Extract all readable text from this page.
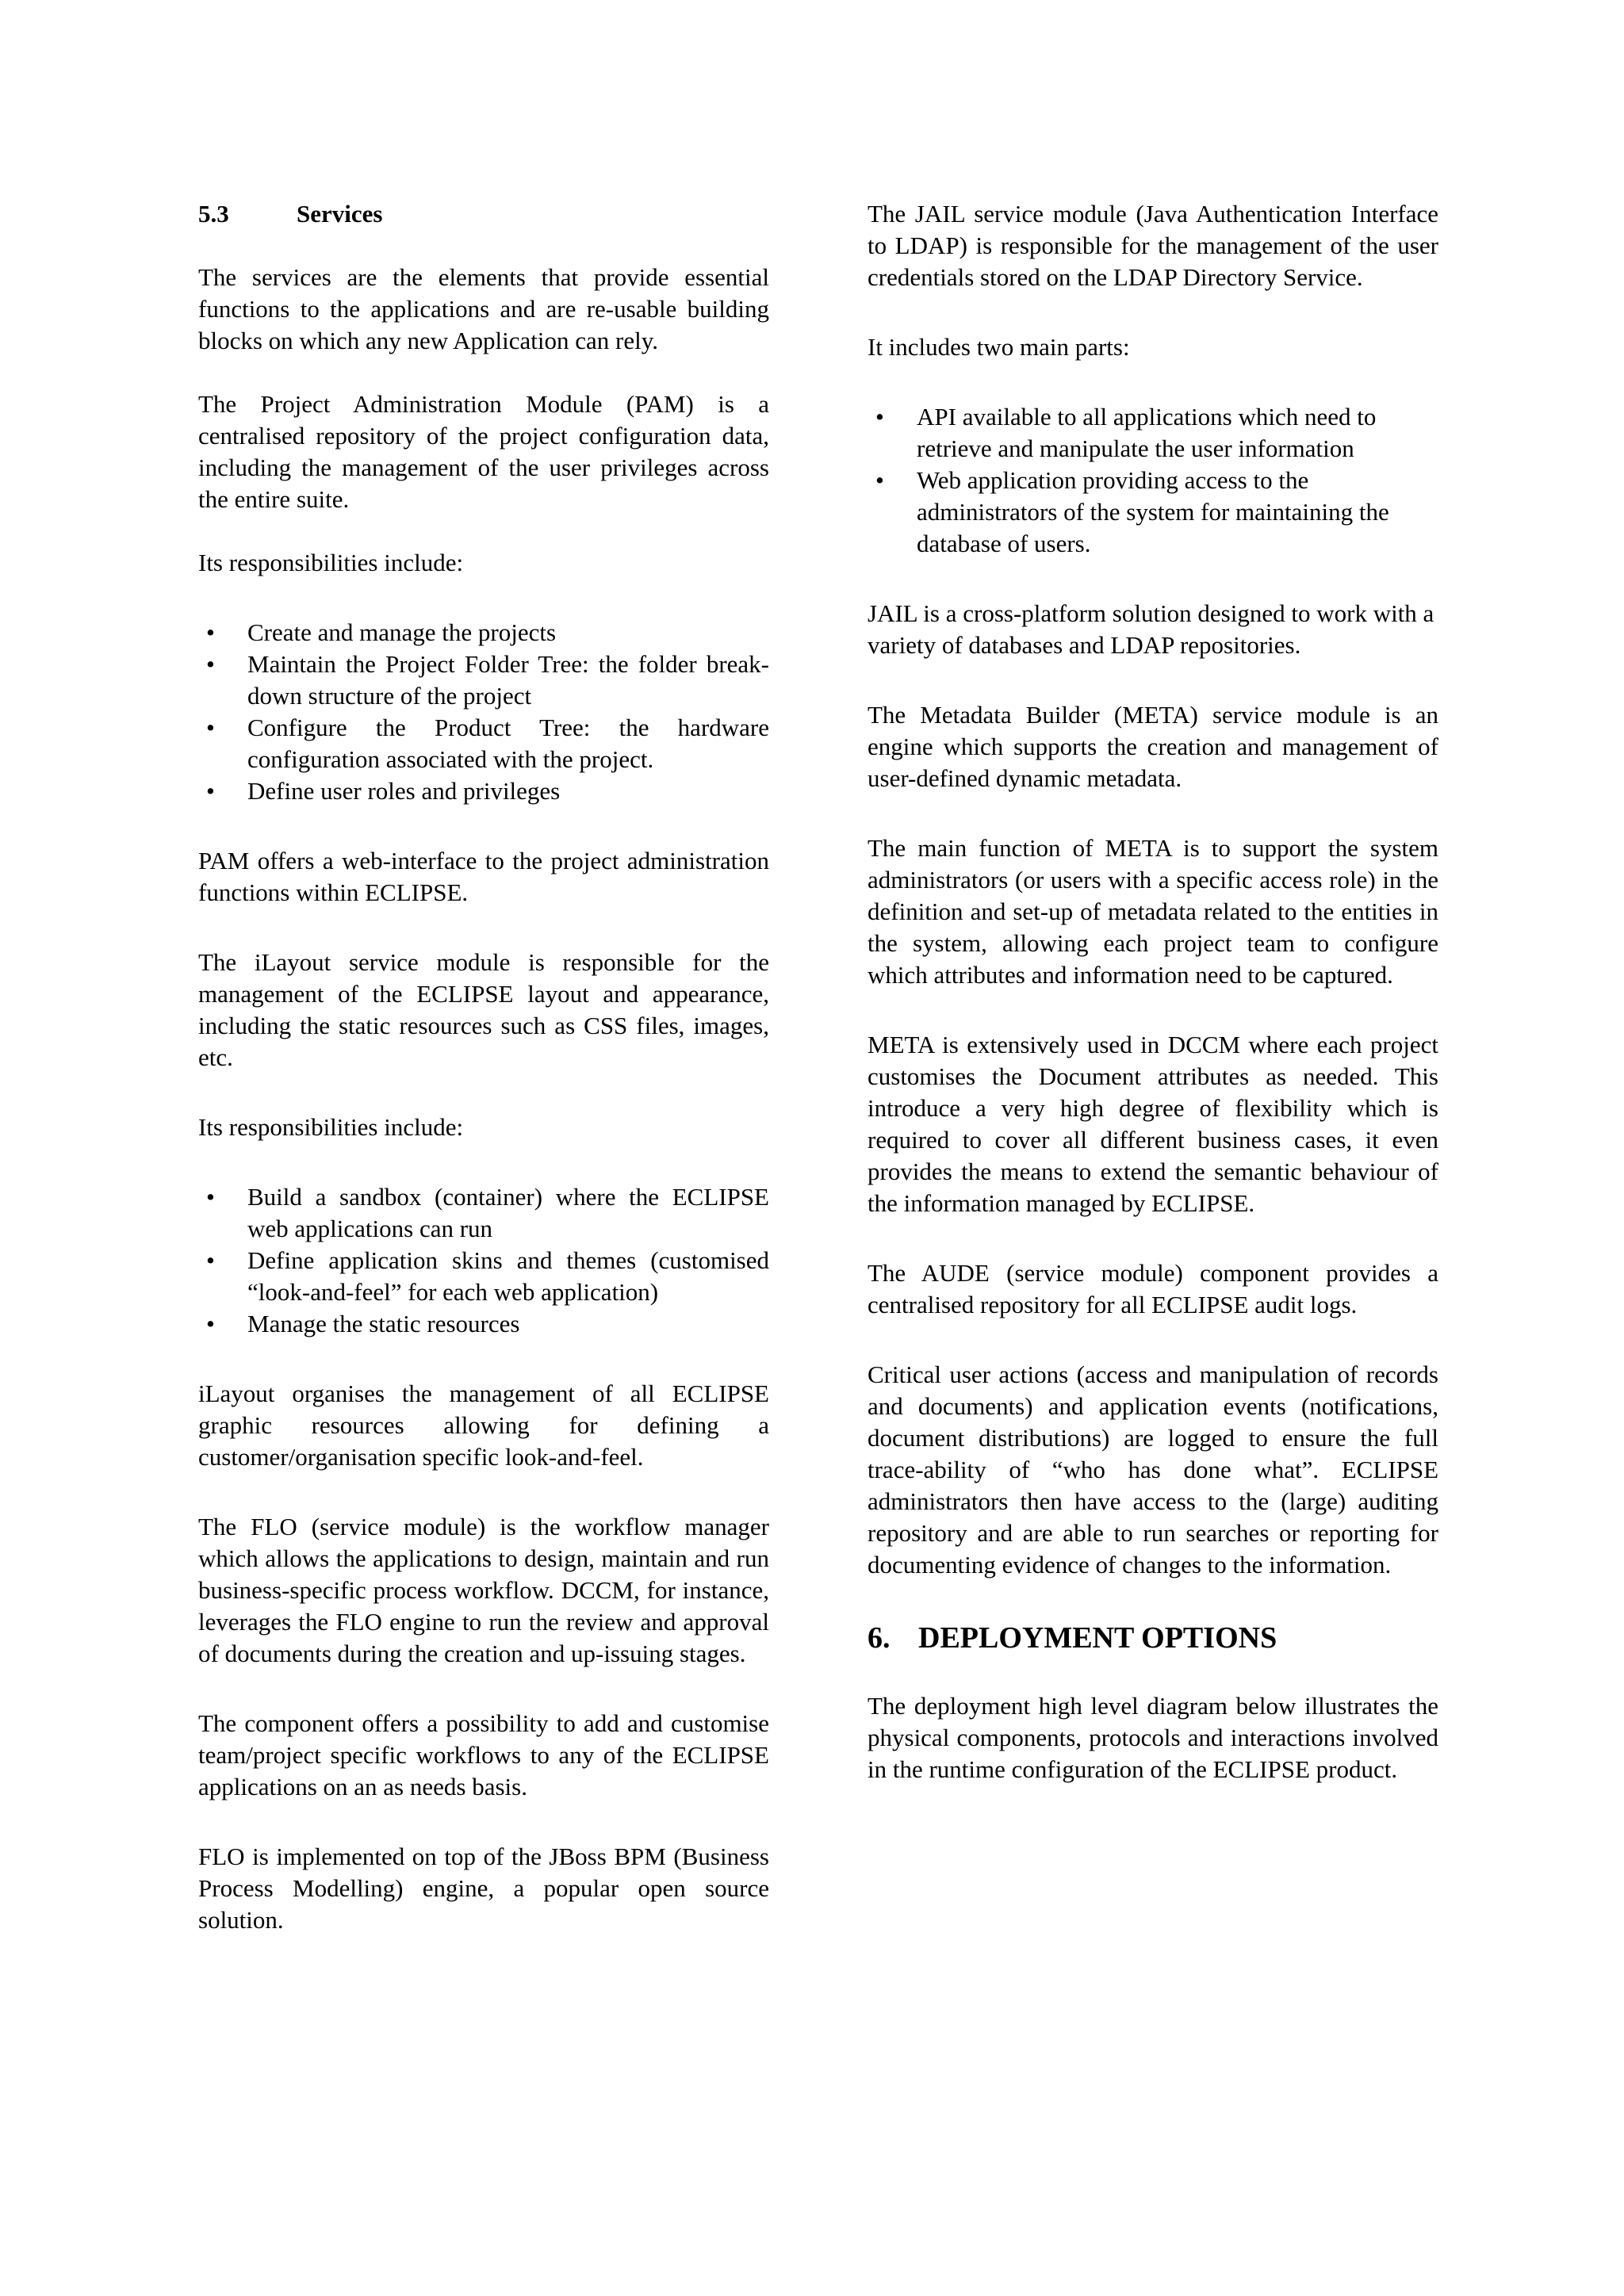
5.3	Services

The services are the elements that provide essential functions to the applications and are re-usable building blocks on which any new Application can rely.

The Project Administration Module (PAM) is a centralised repository of the project configuration data, including the management of the user privileges across the entire suite.

Its responsibilities include:

• Create and manage the projects
• Maintain the Project Folder Tree: the folder break-down structure of the project
• Configure the Product Tree: the hardware configuration associated with the project.
• Define user roles and privileges

PAM offers a web-interface to the project administration functions within ECLIPSE.

The iLayout service module is responsible for the management of the ECLIPSE layout and appearance, including the static resources such as CSS files, images, etc.

Its responsibilities include:

• Build a sandbox (container) where the ECLIPSE web applications can run
• Define application skins and themes (customised “look-and-feel” for each web application)
• Manage the static resources

iLayout organises the management of all ECLIPSE graphic resources allowing for defining a customer/organisation specific look-and-feel.

The FLO (service module) is the workflow manager which allows the applications to design, maintain and run business-specific process workflow. DCCM, for instance, leverages the FLO engine to run the review and approval of documents during the creation and up-issuing stages.

The component offers a possibility to add and customise team/project specific workflows to any of the ECLIPSE applications on an as needs basis.

FLO is implemented on top of the JBoss BPM (Business Process Modelling) engine, a popular open source solution.

The JAIL service module (Java Authentication Interface to LDAP) is responsible for the management of the user credentials stored on the LDAP Directory Service.

It includes two main parts:

• API available to all applications which need to retrieve and manipulate the user information
• Web application providing access to the administrators of the system for maintaining the database of users.

JAIL is a cross-platform solution designed to work with a variety of databases and LDAP repositories.

The Metadata Builder (META) service module is an engine which supports the creation and management of user-defined dynamic metadata.

The main function of META is to support the system administrators (or users with a specific access role) in the definition and set-up of metadata related to the entities in the system, allowing each project team to configure which attributes and information need to be captured.

META is extensively used in DCCM where each project customises the Document attributes as needed. This introduce a very high degree of flexibility which is required to cover all different business cases, it even provides the means to extend the semantic behaviour of the information managed by ECLIPSE.

The AUDE (service module) component provides a centralised repository for all ECLIPSE audit logs.

Critical user actions (access and manipulation of records and documents) and application events (notifications, document distributions) are logged to ensure the full trace-ability of “who has done what”. ECLIPSE administrators then have access to the (large) auditing repository and are able to run searches or reporting for documenting evidence of changes to the information.

6. DEPLOYMENT OPTIONS

The deployment high level diagram below illustrates the physical components, protocols and interactions involved in the runtime configuration of the ECLIPSE product.
